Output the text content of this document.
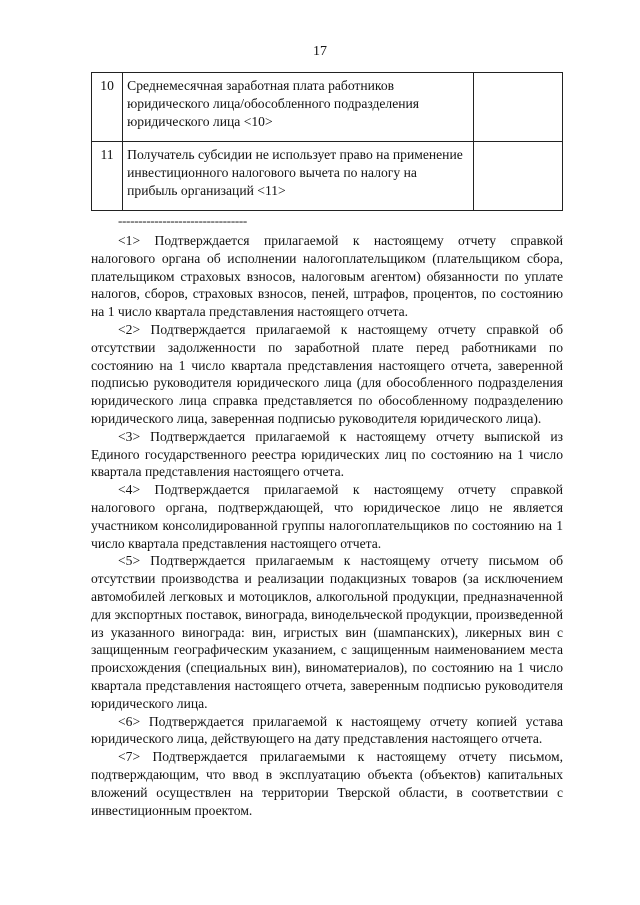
17
10	Среднемесячная заработная плата работников юридического лица/обособленного подразделения юридического лица <10>	
11	Получатель субсидии не использует право на применение инвестиционного налогового вычета по налогу на прибыль организаций <11>	
--------------------------------

<1> Подтверждается прилагаемой к настоящему отчету справкой налогового органа об исполнении налогоплательщиком (плательщиком сбора, плательщиком страховых взносов, налоговым агентом) обязанности по уплате налогов, сборов, страховых взносов, пеней, штрафов, процентов, по состоянию на 1 число квартала представления настоящего отчета.

<2> Подтверждается прилагаемой к настоящему отчету справкой об отсутствии задолженности по заработной плате перед работниками по состоянию на 1 число квартала представления настоящего отчета, заверенной подписью руководителя юридического лица (для обособленного подразделения юридического лица справка представляется по обособленному подразделению юридического лица, заверенная подписью руководителя юридического лица).

<3> Подтверждается прилагаемой к настоящему отчету выпиской из Единого государственного реестра юридических лиц по состоянию на 1 число квартала представления настоящего отчета.

<4> Подтверждается прилагаемой к настоящему отчету справкой налогового органа, подтверждающей, что юридическое лицо не является участником консолидированной группы налогоплательщиков по состоянию на 1 число квартала представления настоящего отчета.

<5> Подтверждается прилагаемым к настоящему отчету письмом об отсутствии производства и реализации подакцизных товаров (за исключением автомобилей легковых и мотоциклов, алкогольной продукции, предназначенной для экспортных поставок, винограда, винодельческой продукции, произведенной из указанного винограда: вин, игристых вин (шампанских), ликерных вин с защищенным географическим указанием, с защищенным наименованием места происхождения (специальных вин), виноматериалов), по состоянию на 1 число квартала представления настоящего отчета, заверенным подписью руководителя юридического лица.

<6> Подтверждается прилагаемой к настоящему отчету копией устава юридического лица, действующего на дату представления настоящего отчета.

<7> Подтверждается прилагаемыми к настоящему отчету письмом, подтверждающим, что ввод в эксплуатацию объекта (объектов) капитальных вложений осуществлен на территории Тверской области, в соответствии с инвестиционным проектом.
